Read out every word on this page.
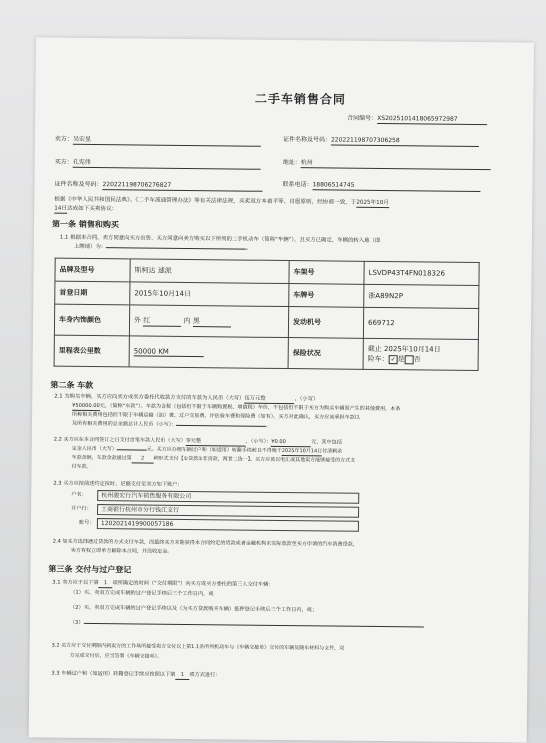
二手车销售合同
合同编号：XS2025101418065972987
卖方：吴宏星	证件名称及号码：220221198707306258
买方：孔宪伟	地址：杭州
证件名称及号码：220221198706276827	联系电话：18806514745
根据《中华人民共和国民法典》、《二手车流通管理办法》等有关法律法规，买卖双方本着平等、自愿原则，经协商一致，于2025年10月
14日达成如下买卖协议：
第一条 销售和购买
1.1 根据本合同，卖方同意向买方出售、买方同意向卖方购买以下所列的二手机动车（简称“车辆”），且买方已确定，车辆的转入地（即
上牌地）为：	。
品牌及型号	斯柯达 速派	车架号	LSVDP43T4FN018326
首登日期	2015年10月14日	车牌号	浙A89N2P
车身内饰颜色	外 红 内 黑	发动机号	669712
里程表公里数	50000 KM	保险状况	截止 2025年10月14日
险车： ✓ 是 否
第二条 车款
2.1 为购买车辆，买方应向卖方或卖方委托代收款方支付的车款为人民币（大写）伍万元整	，（小写）
¥50000.00元，（简称“车款”）。车款为含税（包括但不限于车辆购置税、增值税）车价，不包括但不限于买方为购买车辆而产生的其他费用，本条
所称相关费用包括但不限于车辆运输（油）费、过户交易费、评估验车费和保险费（如有）。买方对此确认，买方应该承担车款以
及所有相关费用的总金额总计人民币（小写）：	。
2.2 买方应在本合同签订之日支付首笔车款人民币（大写）零元整	，（小写）：¥0.00	元，其中包括
定金人民币（大写）	元。买方应办理车辆过户和（如适用）转籍手续前且不得晚于2025年10月14日付清剩余
车款余额，车款余款通过第 2 种形式支付【①贷款②非贷款，两者二选一】。买方应该以电汇或其他卖方能够接受的方式支
付车款。
2.3 买方应按前述约定按时、足额支付至卖方如下账户：
户名：	杭州骏宏行汽车销售服务有限公司
开户行：	工商银行杭州市分行钱江支行
账号：	1202021419900057186
2.4 如买方选择通过贷款的方式支付车款，而最终买方未能获得本合同约定的贷款或者金融机构未实际放款至买方申请的汽车消费贷款，
卖方有权立即单方解除本合同，并没收定金。
第三条 交付与过户登记
3.1 卖方应于以下第 1 项所确定的时间（“交付期限”）向买方或买方委托的第三人交付车辆：
（1）买、卖双方完成车辆的过户登记手续后三个工作日内，或
（2）买、卖双方完成车辆的过户登记手续以及（为买方贷款购买车辆）抵押登记手续后三个工作日内，或；
（3）
3.2 买方应于交付期限内到卖方的工作场所接受卖方交付以上第1.1条所列机动车与《车辆交接单》交付的车辆及随车材料与文件，双
方完成交付后，应当签署《车辆交接单》。
3.3 车辆过户和（如适用）转籍登记手续应按照以下第 1 项方式进行：
